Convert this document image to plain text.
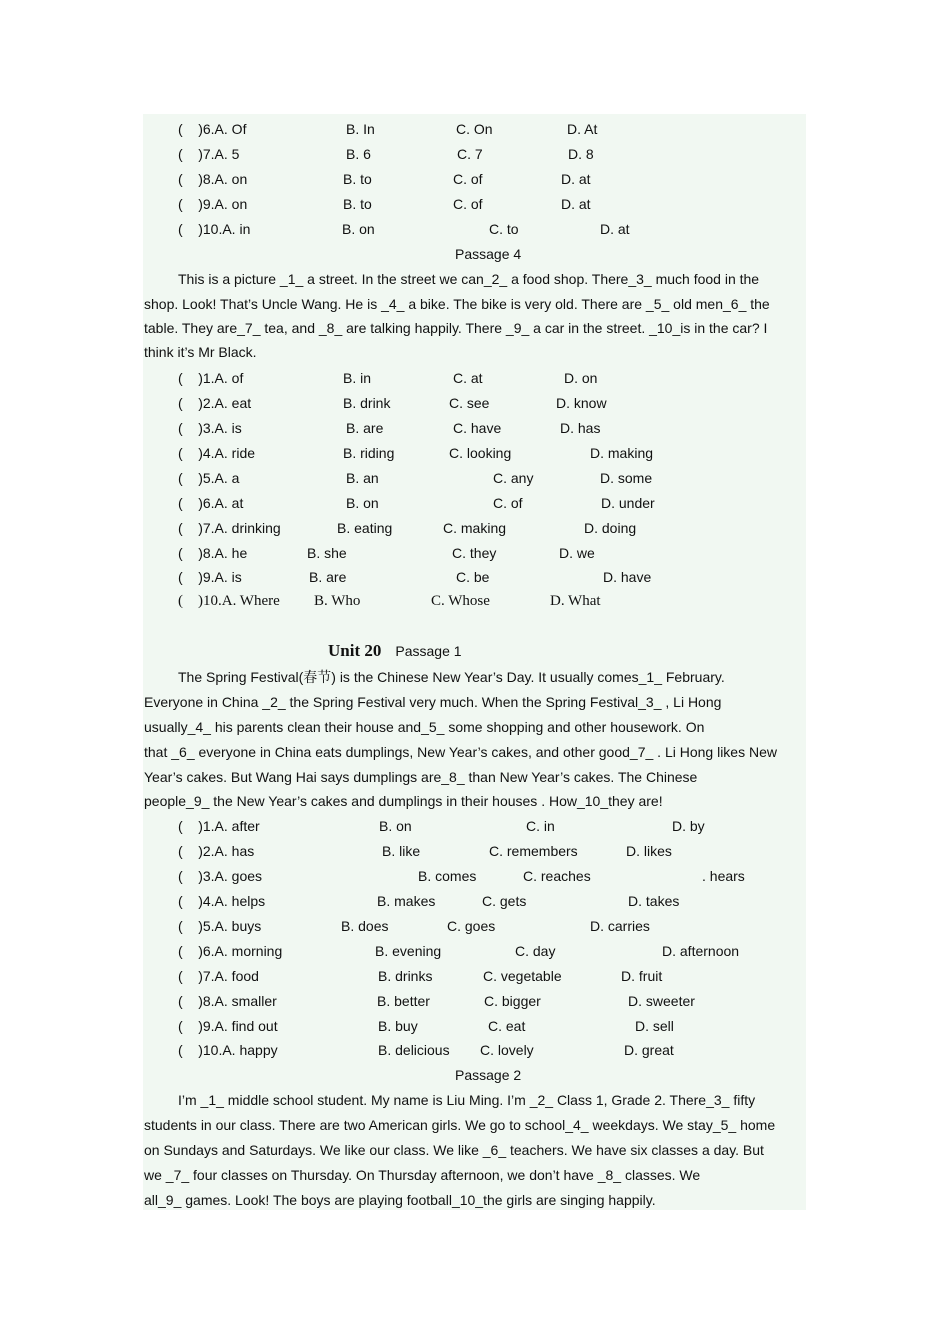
(    )6.A. Of	B. In	C. On	D. At
(    )7.A. 5	B. 6	C. 7	D. 8
(    )8.A. on	B. to	C. of	D. at
(    )9.A. on	B. to	C. of	D. at
(    )10.A. in	B. on	C. to	D. at
Passage 4
This is a picture _1_ a street. In the street we can_2_ a food shop. There_3_ much food in the
shop. Look! That’s Uncle Wang. He is _4_ a bike. The bike is very old. There are _5_ old men_6_ the
table. They are_7_ tea, and _8_ are talking happily. There _9_ a car in the street. _10_is in the car? I
think it’s Mr Black.
(    )1.A. of	B. in	C. at	D. on
(    )2.A. eat	B. drink	C. see	D. know
(    )3.A. is	B. are	C. have	D. has
(    )4.A. ride	B. riding	C. looking	D. making
(    )5.A. a	B. an	C. any	D. some
(    )6.A. at	B. on	C. of	D. under
(    )7.A. drinking	B. eating	C. making	D. doing
(    )8.A. he	B. she	C. they	D. we
(    )9.A. is	B. are	C. be	D. have
(    )10.A. Where B. Who	C. Whose	D. What
Unit 20 Passage 1
The Spring Festival(春节) is the Chinese New Year’s Day. It usually comes_1_ February.
Everyone in China _2_ the Spring Festival very much. When the Spring Festival_3_ , Li Hong
usually_4_ his parents clean their house and_5_ some shopping and other housework. On
that _6_ everyone in China eats dumplings, New Year’s cakes, and other good_7_ . Li Hong likes New
Year’s cakes. But Wang Hai says dumplings are_8_ than New Year’s cakes. The Chinese
people_9_ the New Year’s cakes and dumplings in their houses . How_10_they are!
(    )1.A. after	B. on	C. in	D. by
(    )2.A. has	B. like	C. remembers	D. likes
(    )3.A. goes	B. comes	C. reaches	. hears
(    )4.A. helps	B. makes	C. gets	D. takes
(    )5.A. buys	B. does	C. goes	D. carries
(    )6.A. morning	B. evening	C. day	D. afternoon
(    )7.A. food	B. drinks	C. vegetable	D. fruit
(    )8.A. smaller	B. better	C. bigger	D. sweeter
(    )9.A. find out	B. buy	C. eat	D. sell
(    )10.A. happy	B. delicious C. lovely	D. great
Passage 2
I’m _1_ middle school student. My name is Liu Ming. I’m _2_ Class 1, Grade 2. There_3_ fifty
students in our class. There are two American girls. We go to school_4_ weekdays. We stay_5_ home
on Sundays and Saturdays. We like our class. We like _6_ teachers. We have six classes a day. But
we _7_ four classes on Thursday. On Thursday afternoon, we don’t have _8_ classes. We
all_9_ games. Look! The boys are playing football_10_the girls are singing happily.
